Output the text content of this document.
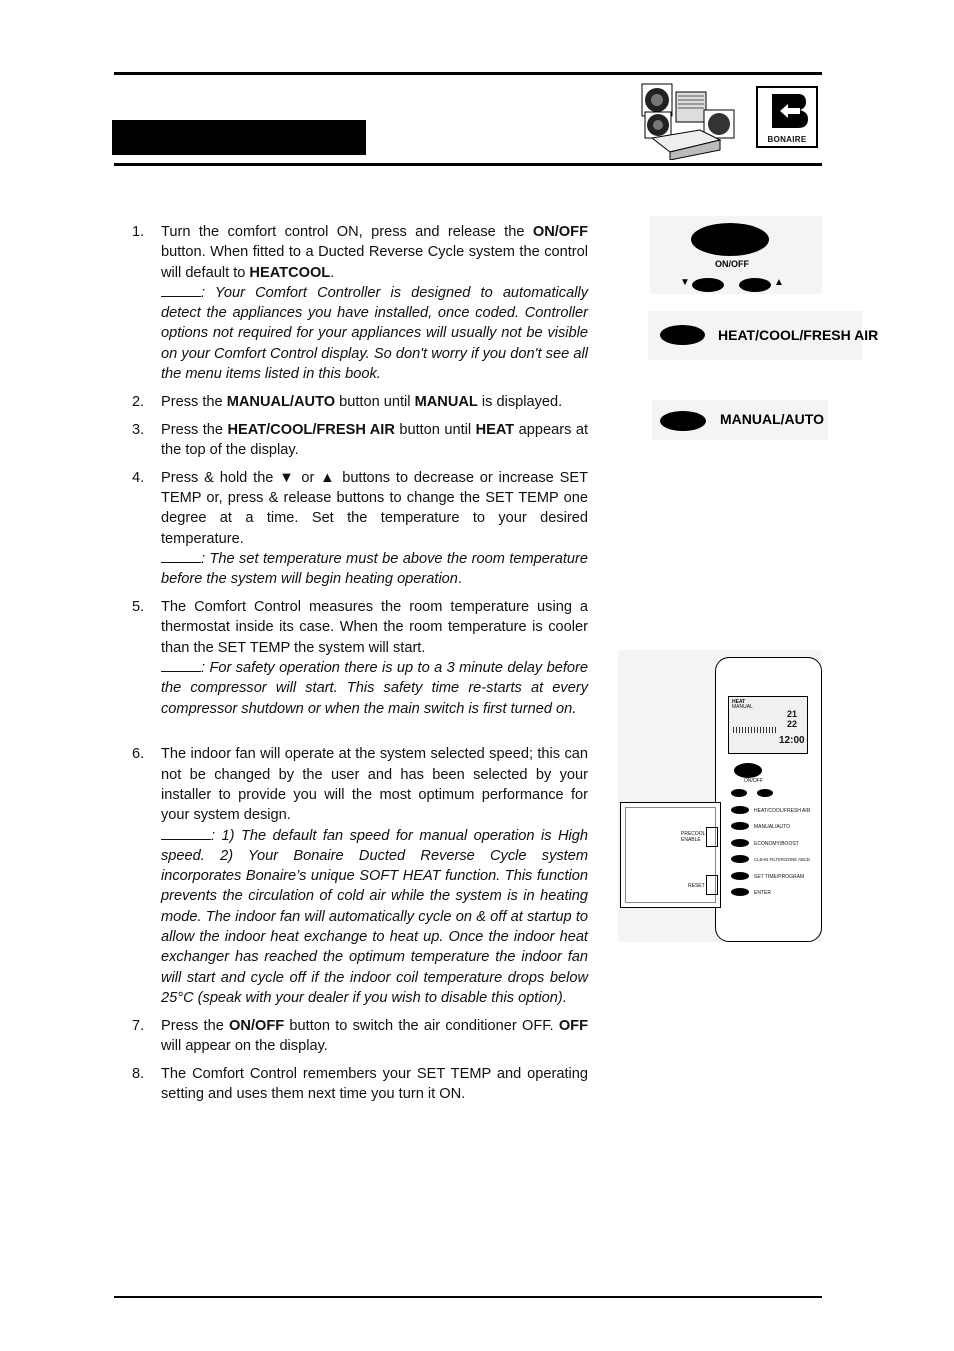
BONAIRE
1. Turn the comfort control ON, press and release the ON/OFF button. When fitted to a Ducted Reverse Cycle system the control will default to HEATCOOL.
: Your Comfort Controller is designed to automatically detect the appliances you have installed, once coded. Controller options not required for your appliances will usually not be visible on your Comfort Control display. So don't worry if you don't see all the menu items listed in this book.
2. Press the MANUAL/AUTO button until MANUAL is displayed.
3. Press the HEAT/COOL/FRESH AIR button until HEAT appears at the top of the display.
4. Press & hold the ▼ or ▲ buttons to decrease or increase SET TEMP or, press & release buttons to change the SET TEMP one degree at a time. Set the temperature to your desired temperature.
: The set temperature must be above the room temperature before the system will begin heating operation.
5. The Comfort Control measures the room temperature using a thermostat inside its case. When the room temperature is cooler than the SET TEMP the system will start.
: For safety operation there is up to a 3 minute delay before the compressor will start. This safety time re-starts at every compressor shutdown or when the main switch is first turned on.
6. The indoor fan will operate at the system selected speed; this can not be changed by the user and has been selected by your installer to provide you will the most optimum performance for your system design.
: 1) The default fan speed for manual operation is High speed. 2) Your Bonaire Ducted Reverse Cycle system incorporates Bonaire’s unique SOFT HEAT function. This function prevents the circulation of cold air while the system is in heating mode. The indoor fan will automatically cycle on & off at startup to allow the indoor heat exchange to heat up. Once the indoor heat exchanger has reached the optimum temperature the indoor fan will start and cycle off if the indoor coil temperature drops below 25°C (speak with your dealer if you wish to disable this option).
7. Press the ON/OFF button to switch the air conditioner OFF. OFF will appear on the display.
8. The Comfort Control remembers your SET TEMP and operating setting and uses them next time you turn it ON.
ON/OFF
▼	▲
HEAT/COOL/FRESH AIR
MANUAL/AUTO
HEAT
MANUAL
21
22
12:00
ON/OFF
HEAT/COOL/FRESH AIR
MANUAL/AUTO
ECONOMY/BOOST
CLEAN FILTER/ZONE ABCD
SET TIME/PROGRAM
ENTER
PRECOOL
ENABLE
RESET
